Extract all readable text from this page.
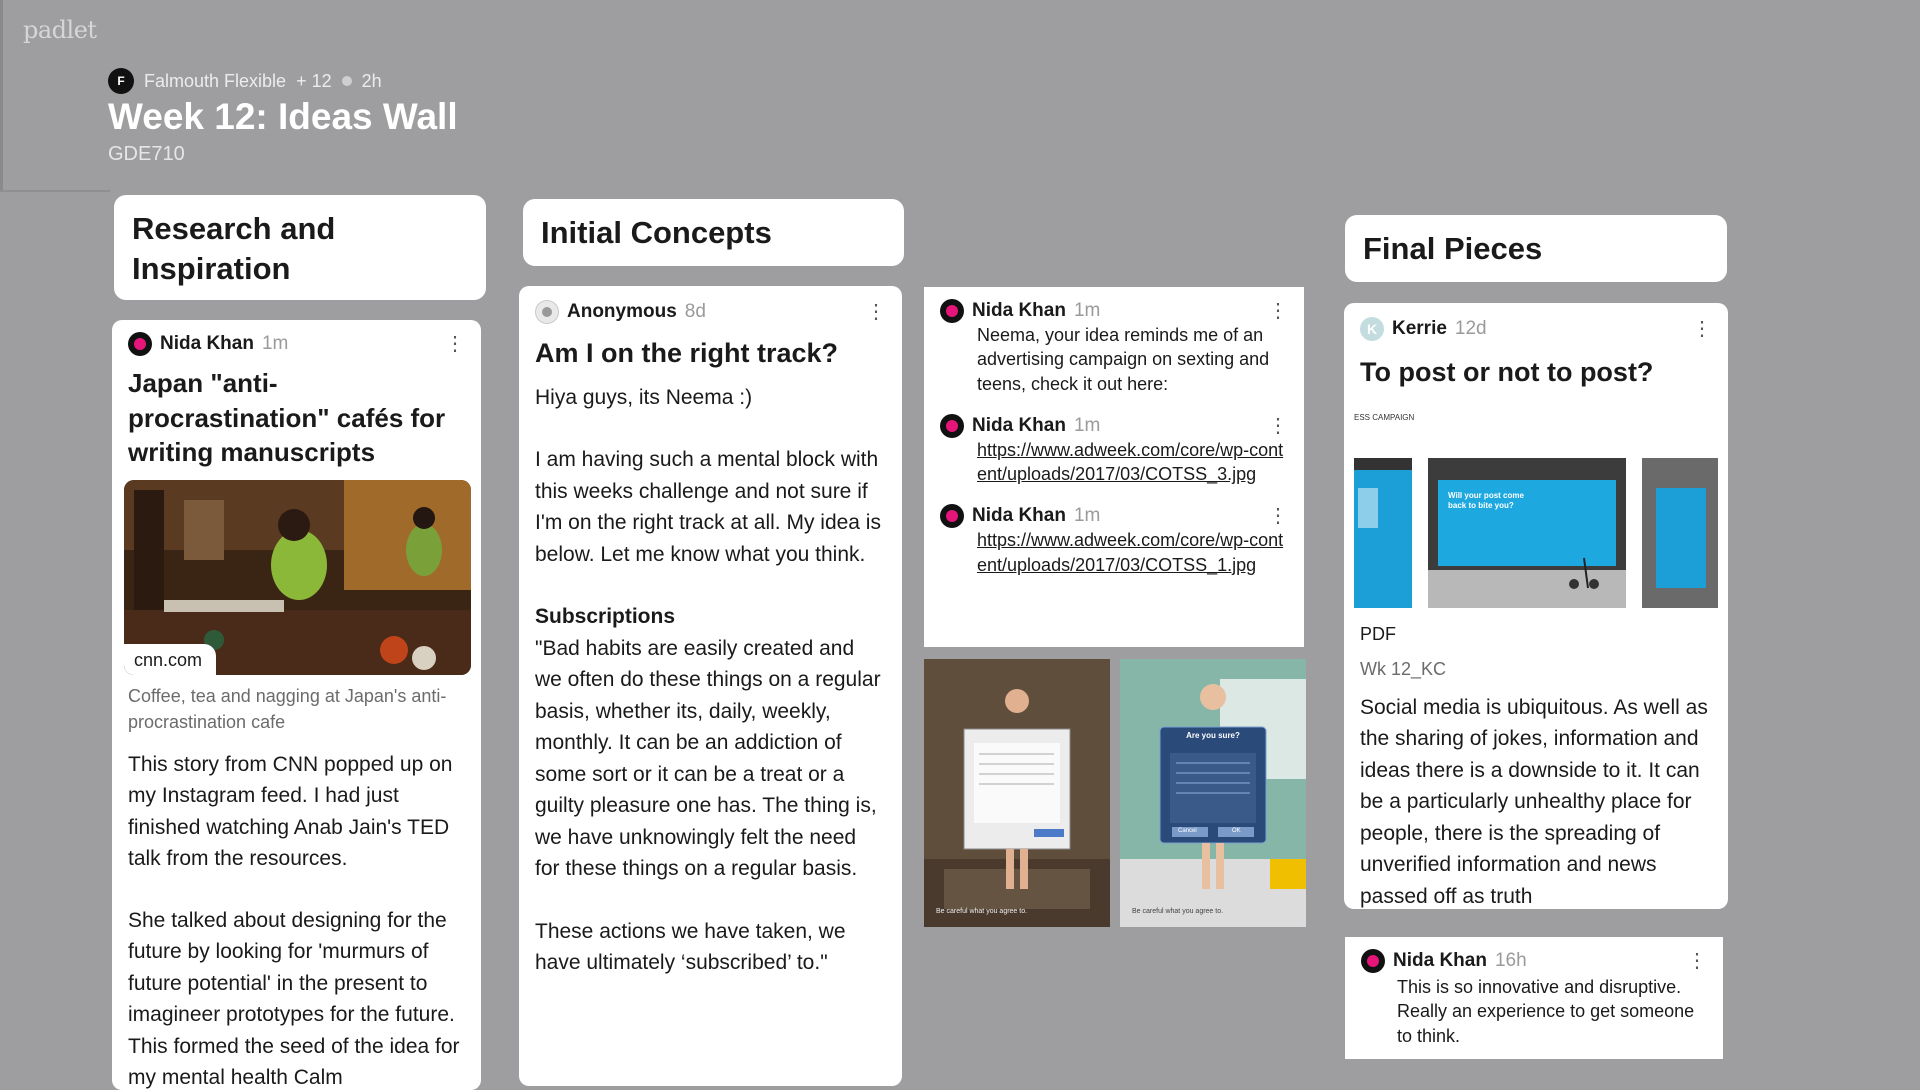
padlet
F	Falmouth Flexible + 12 2h
Week 12: Ideas Wall
GDE710
Research and Inspiration
Initial Concepts	Final Pieces
Nida Khan 1m	⋮
Japan "anti-procrastination" cafés for writing manuscripts
cnn.com
Coffee, tea and nagging at Japan's anti-procrastination cafe
This story from CNN popped up on my Instagram feed. I had just finished watching Anab Jain's TED talk from the resources.
She talked about designing for the future by looking for 'murmurs of future potential' in the present to imagineer prototypes for the future. This formed the seed of the idea for my mental health Calm
Anonymous 8d	⋮
Am I on the right track?
Hiya guys, its Neema :)
I am having such a mental block with this weeks challenge and not sure if I'm on the right track at all. My idea is below. Let me know what you think.
Subscriptions
"Bad habits are easily created and we often do these things on a regular basis, whether its, daily, weekly, monthly. It can be an addiction of some sort or it can be a treat or a guilty pleasure one has. The thing is, we have unknowingly felt the need for these things on a regular basis.
These actions we have taken, we have ultimately ‘subscribed’ to."
Nida Khan 1m	⋮
Neema, your idea reminds me of an advertising campaign on sexting and teens, check it out here:
Nida Khan 1m	⋮
https://www.adweek.com/core/wp-content/uploads/2017/03/COTSS_3.jpg
Nida Khan 1m	⋮
https://www.adweek.com/core/wp-content/uploads/2017/03/COTSS_1.jpg
Be careful what you agree to.
Are you sure?
Cancel	OK
Be careful what you agree to.
K Kerrie 12d	⋮
To post or not to post?
ESS CAMPAIGN
Will your post come back to bite you?
PDF
Wk 12_KC
Social media is ubiquitous. As well as the sharing of jokes, information and ideas there is a downside to it. It can be a particularly unhealthy place for people, there is the spreading of unverified information and news passed off as truth
Nida Khan 16h	⋮
This is so innovative and disruptive. Really an experience to get someone to think.
